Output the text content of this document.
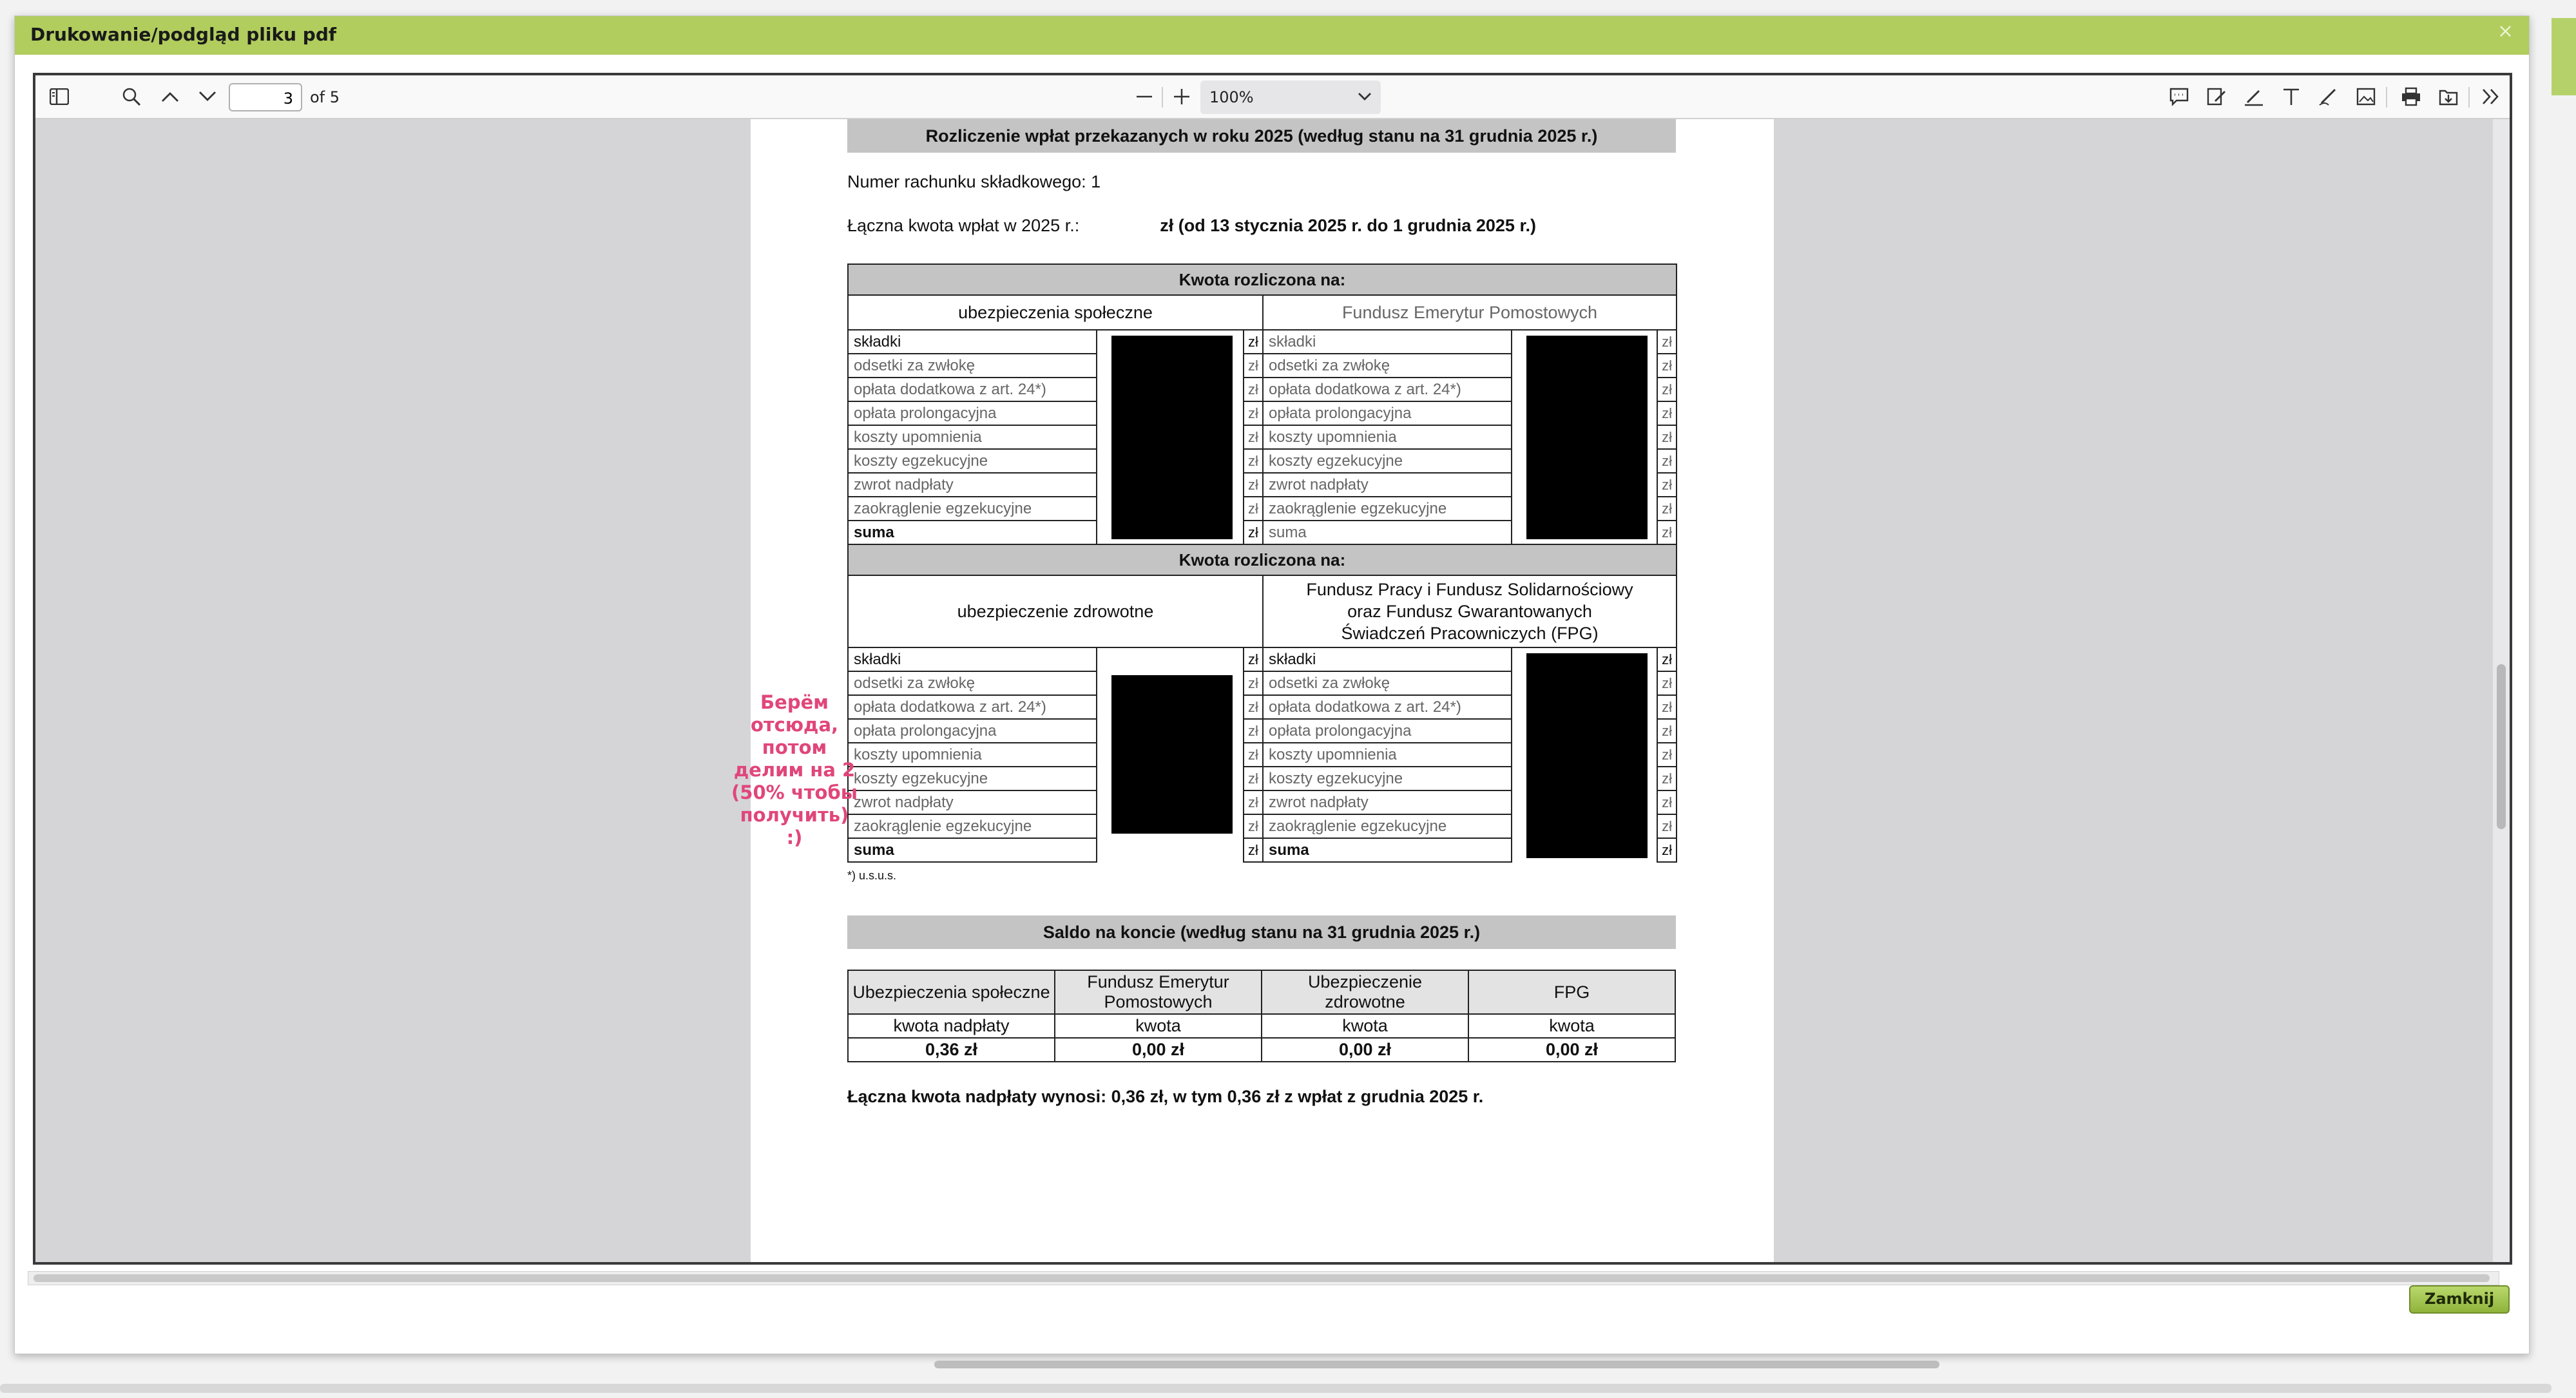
Drukowanie/podgląd pliku pdf	×
3	of 5	100%
Rozliczenie wpłat przekazanych w roku 2025 (według stanu na 31 grudnia 2025 r.)
Numer rachunku składkowego: 1
Łączna kwota wpłat w 2025 r.:	zł (od 13 stycznia 2025 r. do 1 grudnia 2025 r.)
Kwota rozliczona na:					
ubezpieczenia społeczne			Fundusz Emerytur Pomostowych		
składki		zł	składki		zł
odsetki za zwłokę		zł	odsetki za zwłokę		zł
opłata dodatkowa z art. 24*)		zł	opłata dodatkowa z art. 24*)		zł
opłata prolongacyjna		zł	opłata prolongacyjna		zł
koszty upomnienia		zł	koszty upomnienia		zł
koszty egzekucyjne		zł	koszty egzekucyjne		zł
zwrot nadpłaty		zł	zwrot nadpłaty		zł
zaokrąglenie egzekucyjne		zł	zaokrąglenie egzekucyjne		zł
suma		zł	suma		zł
Kwota rozliczona na:					
ubezpieczenie zdrowotne			Fundusz Pracy i Fundusz Solidarnościowy
oraz Fundusz Gwarantowanych
Świadczeń Pracowniczych (FPG)		

składki		zł	składki		zł
odsetki za zwłokę		zł	odsetki za zwłokę		zł
opłata dodatkowa z art. 24*)		zł	opłata dodatkowa z art. 24*)		zł
opłata prolongacyjna		zł	opłata prolongacyjna		zł
koszty upomnienia		zł	koszty upomnienia		zł
koszty egzekucyjne		zł	koszty egzekucyjne		zł
zwrot nadpłaty		zł	zwrot nadpłaty		zł
zaokrąglenie egzekucyjne		zł	zaokrąglenie egzekucyjne		zł
suma		zł	suma		zł
*) u.s.u.s.
Saldo na koncie (według stanu na 31 grudnia 2025 r.)
Ubezpieczenia społeczne	Fundusz Emerytur Pomostowych	Ubezpieczenie zdrowotne	FPG
kwota nadpłaty	kwota	kwota	kwota
0,36 zł	0,00 zł	0,00 zł	0,00 zł
Łączna kwota nadpłaty wynosi: 0,36 zł, w tym 0,36 zł z wpłat z grudnia 2025 r.
Берём отсюда, потом делим на 2 (50% чтобы получить) :)
Zamknij
